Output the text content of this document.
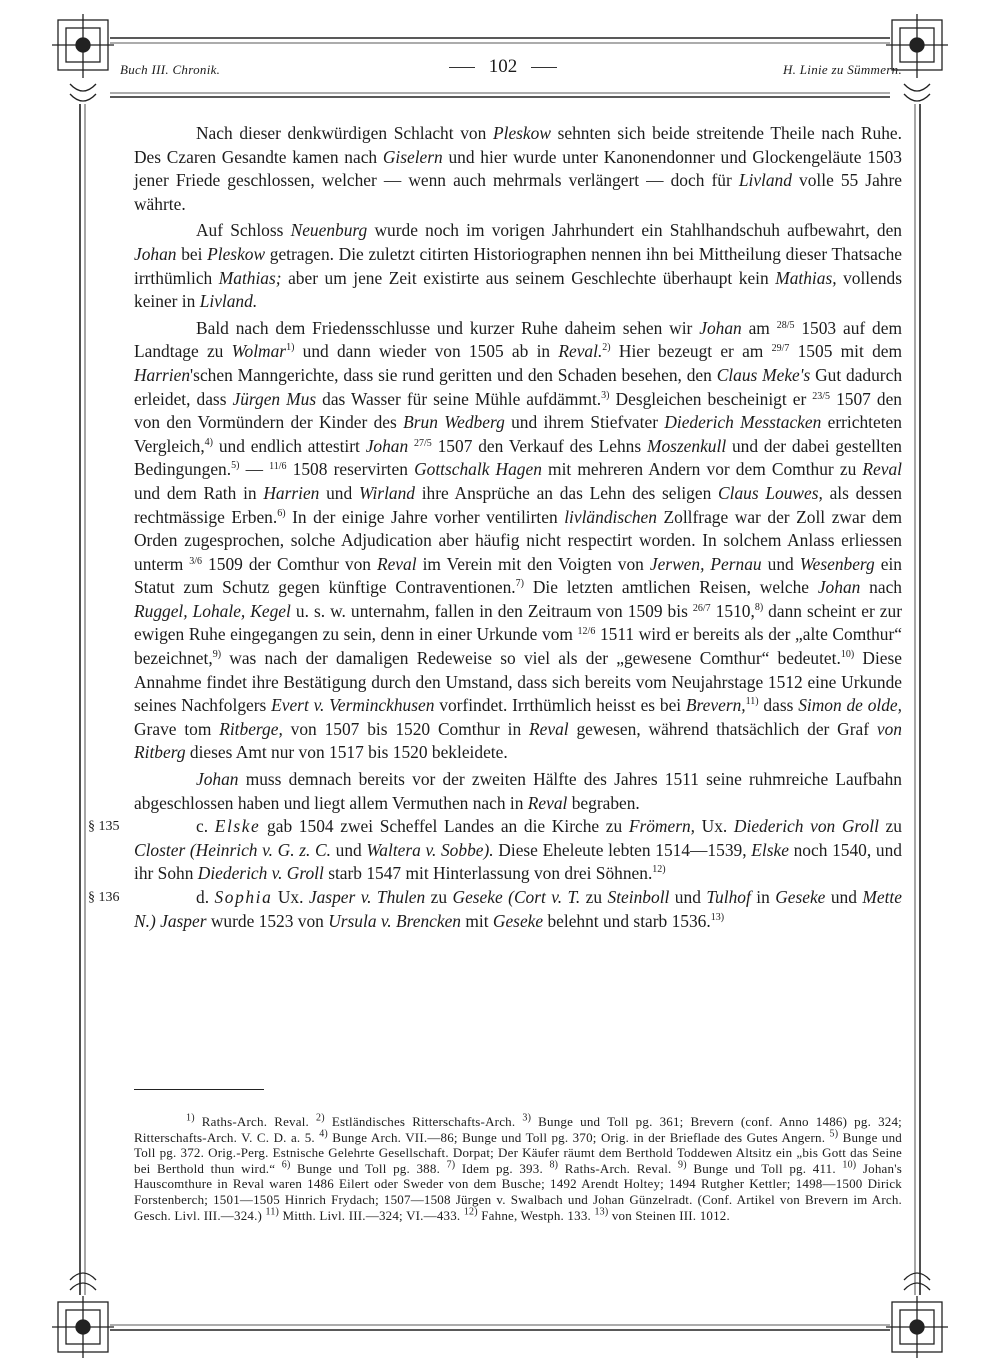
Buch III. Chronik.	102	H. Linie zu Sümmern.

Nach dieser denkwürdigen Schlacht von Pleskow sehnten sich beide streitende Theile nach Ruhe. Des Czaren Gesandte kamen nach Giselern und hier wurde unter Kanonendonner und Glockengeläute 1503 jener Friede geschlossen, welcher — wenn auch mehrmals verlängert — doch für Livland volle 55 Jahre währte.

Auf Schloss Neuenburg wurde noch im vorigen Jahrhundert ein Stahlhandschuh aufbewahrt, den Johan bei Pleskow getragen. Die zuletzt citirten Historiographen nennen ihn bei Mittheilung dieser Thatsache irrthümlich Mathias; aber um jene Zeit existirte aus seinem Geschlechte überhaupt kein Mathias, vollends keiner in Livland.

Bald nach dem Friedensschlusse und kurzer Ruhe daheim sehen wir Johan am $^{28/5}$ 1503 auf dem Landtage zu Wolmar$^{1)}$ und dann wieder von 1505 ab in Reval.$^{2)}$ Hier bezeugt er am $^{29/7}$ 1505 mit dem Harrien'schen Manngerichte, dass sie rund geritten und den Schaden besehen, den Claus Meke's Gut dadurch erleidet, dass Jürgen Mus das Wasser für seine Mühle aufdämmt.$^{3)}$ Desgleichen bescheinigt er $^{23/5}$ 1507 den von den Vormündern der Kinder des Brun Wedberg und ihrem Stiefvater Diederich Messtacken errichteten Vergleich,$^{4)}$ und endlich attestirt Johan $^{27/5}$ 1507 den Verkauf des Lehns Moszenkull und der dabei gestellten Bedingungen.$^{5)}$ — $^{11/6}$ 1508 reservirten Gottschalk Hagen mit mehreren Andern vor dem Comthur zu Reval und dem Rath in Harrien und Wirland ihre Ansprüche an das Lehn des seligen Claus Louwes, als dessen rechtmässige Erben.$^{6)}$ In der einige Jahre vorher ventilirten livländischen Zollfrage war der Zoll zwar dem Orden zugesprochen, solche Adjudication aber häufig nicht respectirt worden. In solchem Anlass erliessen unterm $^{3/6}$ 1509 der Comthur von Reval im Verein mit den Voigten von Jerwen, Pernau und Wesenberg ein Statut zum Schutz gegen künftige Contraventionen.$^{7)}$ Die letzten amtlichen Reisen, welche Johan nach Ruggel, Lohale, Kegel u. s. w. unternahm, fallen in den Zeitraum von 1509 bis $^{26/7}$ 1510,$^{8)}$ dann scheint er zur ewigen Ruhe eingegangen zu sein, denn in einer Urkunde vom $^{12/6}$ 1511 wird er bereits als der „alte Comthur“ bezeichnet,$^{9)}$ was nach der damaligen Redeweise so viel als der „gewesene Comthur“ bedeutet.$^{10)}$ Diese Annahme findet ihre Bestätigung durch den Umstand, dass sich bereits vom Neujahrstage 1512 eine Urkunde seines Nachfolgers Evert v. Verminckhusen vorfindet. Irrthümlich heisst es bei Brevern,$^{11)}$ dass Simon de olde, Grave tom Ritberge, von 1507 bis 1520 Comthur in Reval gewesen, während thatsächlich der Graf von Ritberg dieses Amt nur von 1517 bis 1520 bekleidete.

Johan muss demnach bereits vor der zweiten Hälfte des Jahres 1511 seine ruhmreiche Laufbahn abgeschlossen haben und liegt allem Vermuthen nach in Reval begraben.

§ 135	c. Elske gab 1504 zwei Scheffel Landes an die Kirche zu Frömern, Ux. Diederich von Groll zu Closter (Heinrich v. G. z. C. und Waltera v. Sobbe). Diese Eheleute lebten 1514—1539, Elske noch 1540, und ihr Sohn Diederich v. Groll starb 1547 mit Hinterlassung von drei Söhnen.$^{12)}$

§ 136	d. Sophia Ux. Jasper v. Thulen zu Geseke (Cort v. T. zu Steinboll und Tulhof in Geseke und Mette N.) Jasper wurde 1523 von Ursula v. Brencken mit Geseke belehnt und starb 1536.$^{13)}$

$^{1)}$ Raths-Arch. Reval. $^{2)}$ Estländisches Ritterschafts-Arch. $^{3)}$ Bunge und Toll pg. 361; Brevern (conf. Anno 1486) pg. 324; Ritterschafts-Arch. V. C. D. a. 5. $^{4)}$ Bunge Arch. VII.—86; Bunge und Toll pg. 370; Orig. in der Brieflade des Gutes Angern. $^{5)}$ Bunge und Toll pg. 372. Orig.-Perg. Estnische Gelehrte Gesellschaft. Dorpat; Der Käufer räumt dem Berthold Toddewen Altsitz ein „bis Gott das Seine bei Berthold thun wird.“ $^{6)}$ Bunge und Toll pg. 388. $^{7)}$ Idem pg. 393. $^{8)}$ Raths-Arch. Reval. $^{9)}$ Bunge und Toll pg. 411. $^{10)}$ Johan's Hauscomthure in Reval waren 1486 Eilert oder Sweder von dem Busche; 1492 Arendt Holtey; 1494 Rutgher Kettler; 1498—1500 Dirick Forstenberch; 1501—1505 Hinrich Frydach; 1507—1508 Jürgen v. Swalbach und Johan Günzelradt. (Conf. Artikel von Brevern im Arch. Gesch. Livl. III.—324.) $^{11)}$ Mitth. Livl. III.—324; VI.—433. $^{12)}$ Fahne, Westph. 133. $^{13)}$ von Steinen III. 1012.
